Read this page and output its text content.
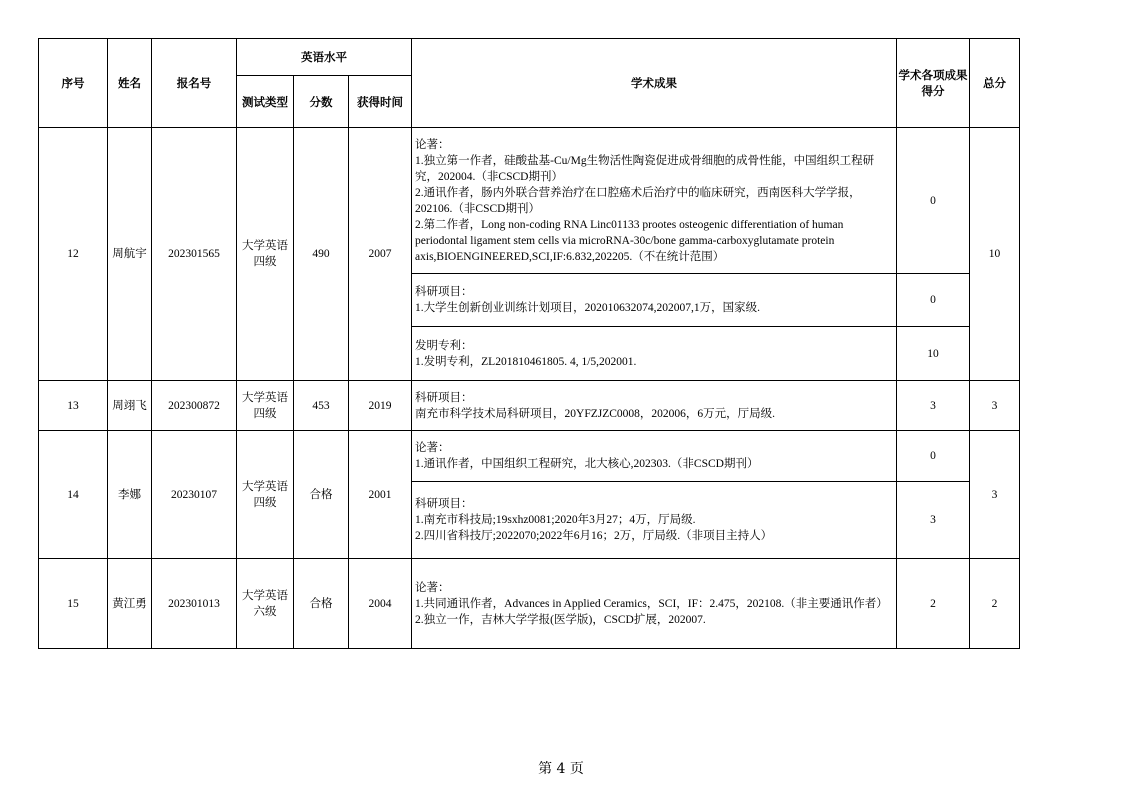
序号	姓名	报名号	英语水平			学术成果	学术各项成果得分	总分
			测试类型	分数	获得时间			
12	周航宇	202301565	大学英语四级	490	2007	论著：
1.独立第一作者，硅酸盐基-Cu/Mg生物活性陶瓷促进成骨细胞的成骨性能，中国组织工程研究，202004.（非CSCD期刊）
2.通讯作者，肠内外联合营养治疗在口腔癌术后治疗中的临床研究，西南医科大学学报，202106.（非CSCD期刊）
2.第二作者，Long non-coding RNA Linc01133 prootes osteogenic differentiation of human periodontal ligament stem cells via microRNA-30c/bone gamma-carboxyglutamate protein axis,BIOENGINEERED,SCI,IF:6.832,202205.（不在统计范围）	0	10

						科研项目：
1.大学生创新创业训练计划项目，202010632074,202007,1万，国家级.	0	

						发明专利：
1.发明专利，ZL201810461805. 4, 1/5,202001.	10	
13	周翊飞	202300872	大学英语四级	453	2019	科研项目：
南充市科学技术局科研项目，20YFZJZC0008，202006，6万元，厅局级.	3	3
14	李娜	20230107	大学英语四级	合格	2001	论著：
1.通讯作者，中国组织工程研究，北大核心,202303.（非CSCD期刊）	0	3

						科研项目：
1.南充市科技局;19sxhz0081;2020年3月27；4万，厅局级.
2.四川省科技厅;2022070;2022年6月16；2万，厅局级.（非项目主持人）	3	
15	黄江勇	202301013	大学英语六级	合格	2004	论著：
1.共同通讯作者，Advances in Applied Ceramics，SCI，IF：2.475，202108.（非主要通讯作者）
2.独立一作，吉林大学学报(医学版)，CSCD扩展，202007.	2	2
第 4 页
